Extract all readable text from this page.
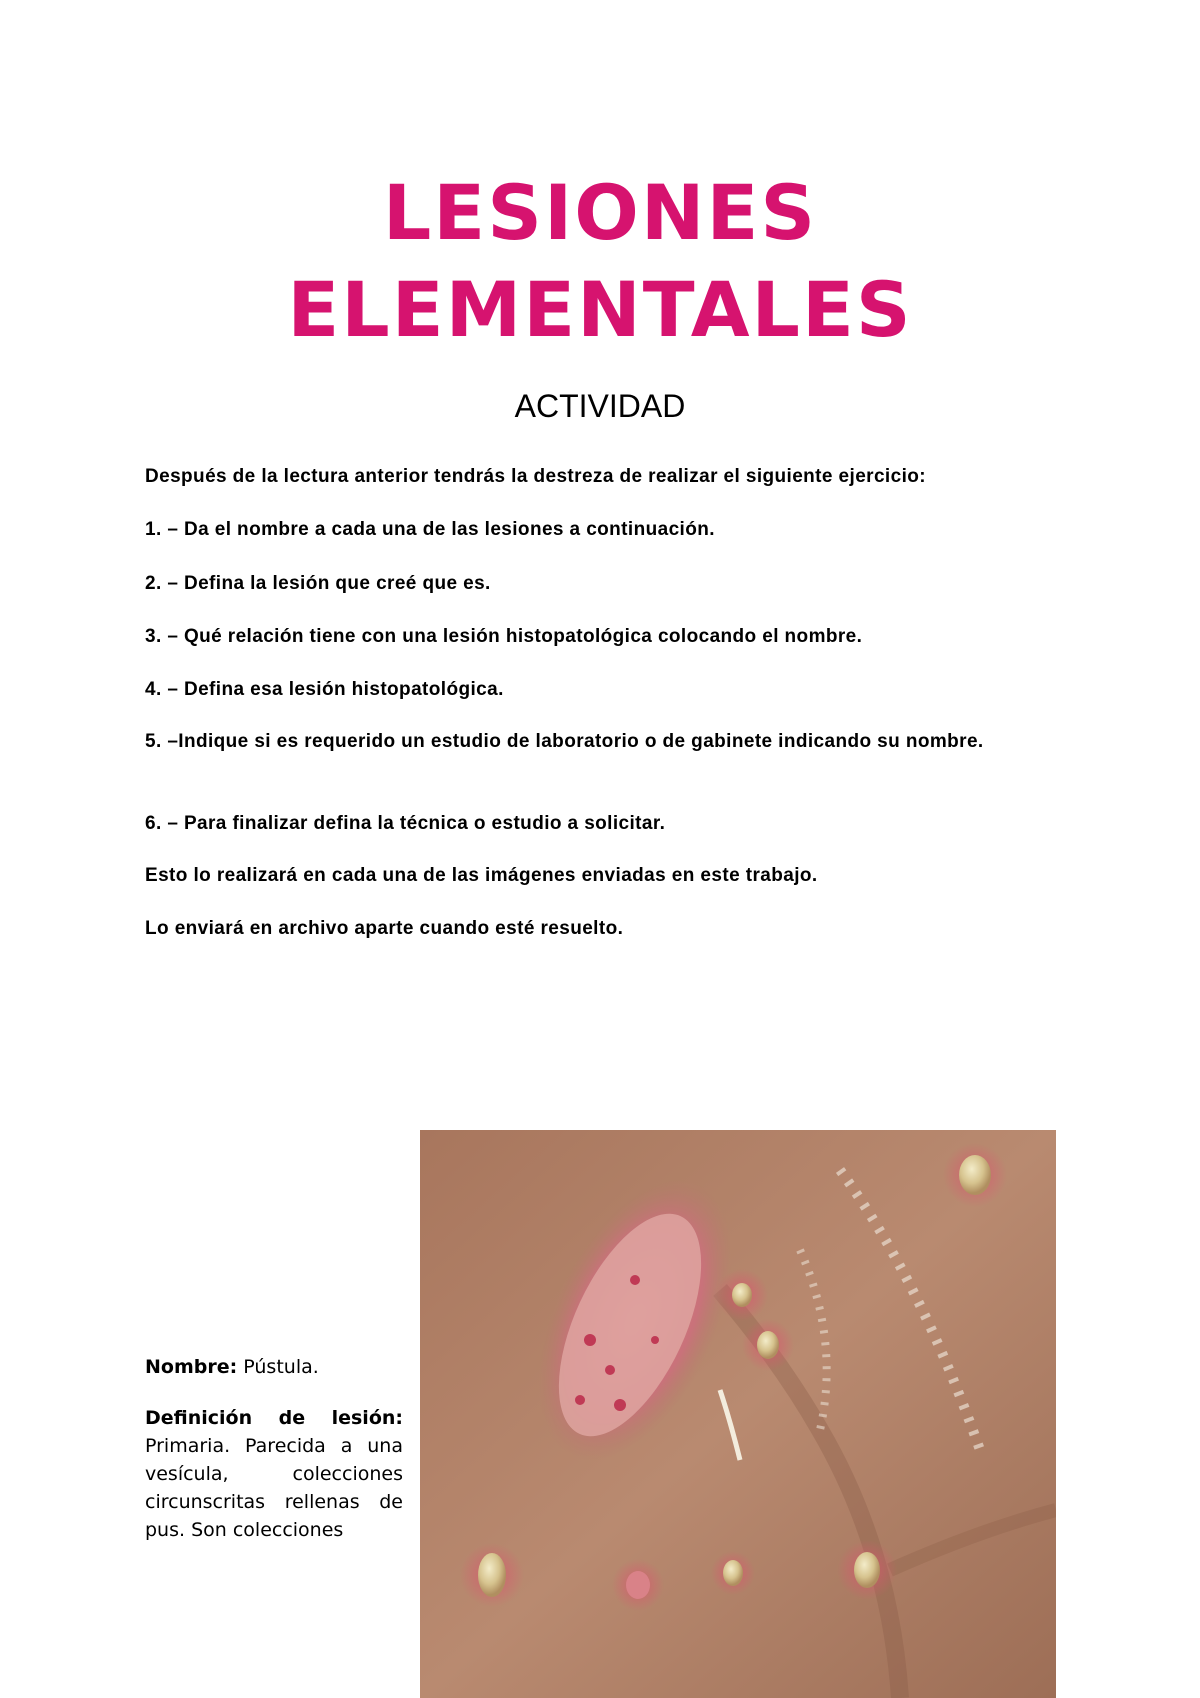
LESIONES
ELEMENTALES
ACTIVIDAD
Después de la lectura anterior tendrás la destreza de realizar el siguiente ejercicio:
1. – Da el nombre a cada una de las lesiones a continuación.
2. – Defina la lesión que creé que es.
3. – Qué relación tiene con una lesión histopatológica colocando el nombre.
4. – Defina esa lesión histopatológica.
5. –Indique si es requerido un estudio de laboratorio o de gabinete indicando su nombre.
6. – Para finalizar defina la técnica o estudio a solicitar.
Esto lo realizará en cada una de las imágenes enviadas en este trabajo.
Lo enviará en archivo aparte cuando esté resuelto.
Nombre: Pústula.
Definición de lesión:
Primaria. Parecida a una vesícula, colecciones circunscritas rellenas de pus. Son colecciones
